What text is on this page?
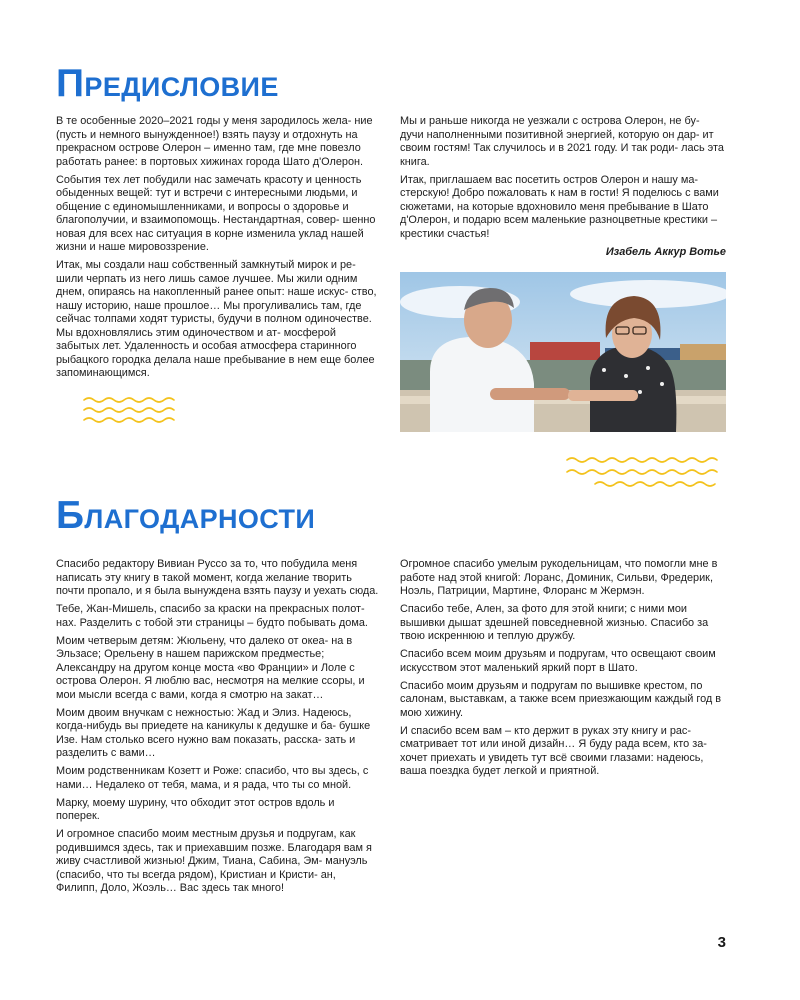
Предисловие

В те особенные 2020–2021 годы у меня зародилось жела- ние (пусть и немного вынужденное!) взять паузу и отдохнуть на прекрасном острове Олерон – именно там, где мне повезло работать ранее: в портовых хижинах города Шато д'Олерон.

События тех лет побудили нас замечать красоту и ценность обыденных вещей: тут и встречи с интересными людьми, и общение с единомышленниками, и вопросы о здоровье и благополучии, и взаимопомощь. Нестандартная, совер- шенно новая для всех нас ситуация в корне изменила уклад нашей жизни и наше мировоззрение.

Итак, мы создали наш собственный замкнутый мирок и ре- шили черпать из него лишь самое лучшее. Мы жили одним днем, опираясь на накопленный ранее опыт: наше искус- ство, нашу историю, наше прошлое… Мы прогуливались там, где сейчас толпами ходят туристы, будучи в полном одиночестве. Мы вдохновлялись этим одиночеством и ат- мосферой забытых лет. Удаленность и особая атмосфера старинного рыбацкого городка делала наше пребывание в нем еще более запоминающимся.

Мы и раньше никогда не уезжали с острова Олерон, не бу- дучи наполненными позитивной энергией, которую он дар- ит своим гостям! Так случилось и в 2021 году. И так роди- лась эта книга.

Итак, приглашаем вас посетить остров Олерон и нашу ма- стерскую! Добро пожаловать к нам в гости! Я поделюсь с вами сюжетами, на которые вдохновило меня пребывание в Шато д'Олерон, и подарю всем маленькие разноцветные крестики – крестики счастья!

Изабель Аккур Вотье
Благодарности

Спасибо редактору Вивиан Руссо за то, что побудила меня написать эту книгу в такой момент, когда желание творить почти пропало, и я была вынуждена взять паузу и уехать сюда.

Тебе, Жан-Мишель, спасибо за краски на прекрасных полот- нах. Разделить с тобой эти страницы – будто побывать дома.

Моим четверым детям: Жюльену, что далеко от океа- на в Эльзасе; Орельену в нашем парижском предместье; Александру на другом конце моста «во Франции» и Лоле с острова Олерон. Я люблю вас, несмотря на мелкие ссоры, и мои мысли всегда с вами, когда я смотрю на закат…

Моим двоим внучкам с нежностью: Жад и Элиз. Надеюсь, когда-нибудь вы приедете на каникулы к дедушке и ба- бушке Изе. Нам столько всего нужно вам показать, расска- зать и разделить с вами…

Моим родственникам Козетт и Роже: спасибо, что вы здесь, с нами… Недалеко от тебя, мама, и я рада, что ты со мной.

Марку, моему шурину, что обходит этот остров вдоль и поперек.

И огромное спасибо моим местным друзья и подругам, как родившимся здесь, так и приехавшим позже. Благодаря вам я живу счастливой жизнью! Джим, Тиана, Сабина, Эм- мануэль (спасибо, что ты всегда рядом), Кристиан и Кристи- ан, Филипп, Доло, Жоэль… Вас здесь так много!

Огромное спасибо умелым рукодельницам, что помогли мне в работе над этой книгой: Лоранс, Доминик, Сильви, Фредерик, Ноэль, Патриции, Мартине, Флоранс м Жермэн.

Спасибо тебе, Ален, за фото для этой книги; с ними мои вышивки дышат здешней повседневной жизнью. Спасибо за твою искреннюю и теплую дружбу.

Спасибо всем моим друзьям и подругам, что освещают своим искусством этот маленький яркий порт в Шато.

Спасибо моим друзьям и подругам по вышивке крестом, по салонам, выставкам, а также всем приезжающим каждый год в мою хижину.

И спасибо всем вам – кто держит в руках эту книгу и рас- сматривает тот или иной дизайн… Я буду рада всем, кто за- хочет приехать и увидеть тут всё своими глазами: надеюсь, ваша поездка будет легкой и приятной.

3
